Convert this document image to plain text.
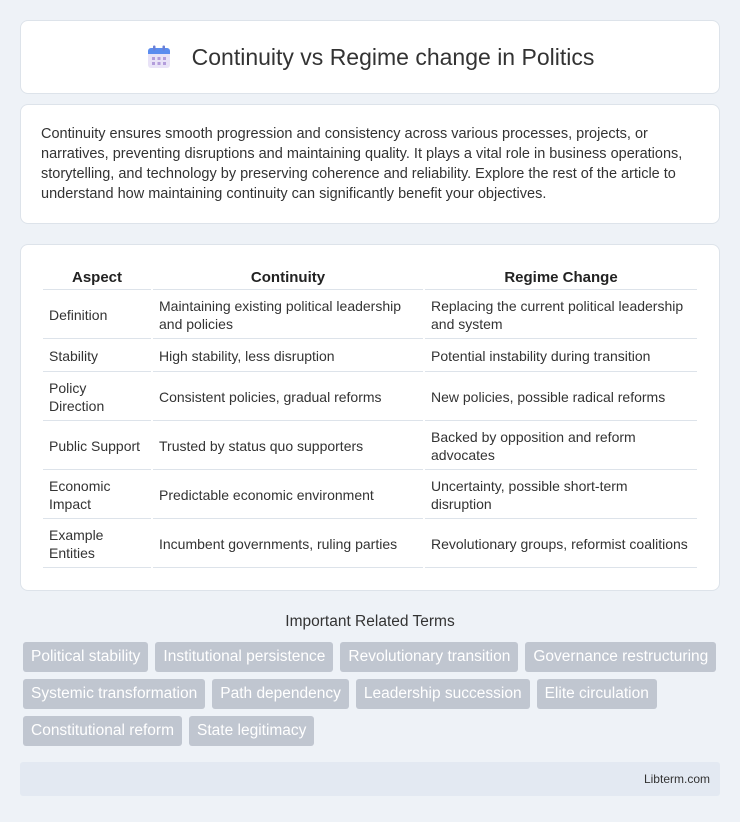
Continuity vs Regime change in Politics

Continuity ensures smooth progression and consistency across various processes, projects, or narratives, preventing disruptions and maintaining quality. It plays a vital role in business operations, storytelling, and technology by preserving coherence and reliability. Explore the rest of the article to understand how maintaining continuity can significantly benefit your objectives.

Aspect	Continuity	Regime Change
Definition	Maintaining existing political leadership and policies	Replacing the current political leadership and system
Stability	High stability, less disruption	Potential instability during transition
Policy Direction	Consistent policies, gradual reforms	New policies, possible radical reforms
Public Support	Trusted by status quo supporters	Backed by opposition and reform advocates
Economic Impact	Predictable economic environment	Uncertainty, possible short-term disruption
Example Entities	Incumbent governments, ruling parties	Revolutionary groups, reformist coalitions
Important Related Terms
Political stability	Institutional persistence	Revolutionary transition	Governance restructuring
Systemic transformation	Path dependency	Leadership succession	Elite circulation
Constitutional reform	State legitimacy
Libterm.com
